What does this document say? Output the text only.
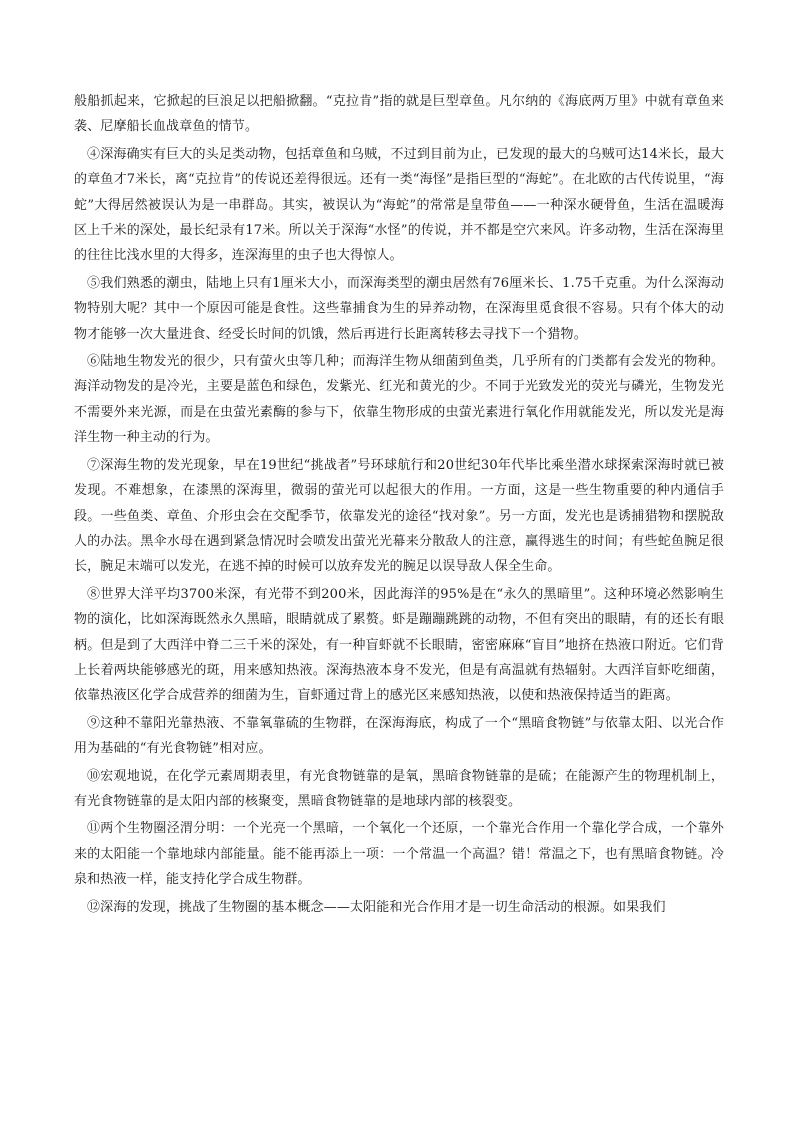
般船抓起来，它掀起的巨浪足以把船掀翻。“克拉肯”指的就是巨型章鱼。凡尔纳的《海底两万里》中就有章鱼来袭、尼摩船长血战章鱼的情节。

④深海确实有巨大的头足类动物，包括章鱼和乌贼，不过到目前为止，已发现的最大的乌贼可达14米长，最大的章鱼才7米长，离“克拉肯”的传说还差得很远。还有一类“海怪”是指巨型的“海蛇”。在北欧的古代传说里，“海蛇”大得居然被误认为是一串群岛。其实，被误认为“海蛇”的常常是皇带鱼——一种深水硬骨鱼，生活在温暖海区上千米的深处，最长纪录有17米。所以关于深海“水怪”的传说，并不都是空穴来风。许多动物，生活在深海里的往往比浅水里的大得多，连深海里的虫子也大得惊人。

⑤我们熟悉的潮虫，陆地上只有1厘米大小，而深海类型的潮虫居然有76厘米长、1.75千克重。为什么深海动物特别大呢？其中一个原因可能是食性。这些靠捕食为生的异养动物，在深海里觅食很不容易。只有个体大的动物才能够一次大量进食、经受长时间的饥饿，然后再进行长距离转移去寻找下一个猎物。

⑥陆地生物发光的很少，只有萤火虫等几种；而海洋生物从细菌到鱼类，几乎所有的门类都有会发光的物种。海洋动物发的是冷光，主要是蓝色和绿色，发紫光、红光和黄光的少。不同于光致发光的荧光与磷光，生物发光不需要外来光源，而是在虫萤光素酶的参与下，依靠生物形成的虫萤光素进行氧化作用就能发光，所以发光是海洋生物一种主动的行为。

⑦深海生物的发光现象，早在19世纪“挑战者”号环球航行和20世纪30年代毕比乘坐潜水球探索深海时就已被发现。不难想象，在漆黑的深海里，微弱的萤光可以起很大的作用。一方面，这是一些生物重要的种内通信手段。一些鱼类、章鱼、介形虫会在交配季节，依靠发光的途径“找对象”。另一方面，发光也是诱捕猎物和摆脱敌人的办法。黑伞水母在遇到紧急情况时会喷发出萤光光幕来分散敌人的注意，赢得逃生的时间；有些蛇鱼腕足很长，腕足末端可以发光，在逃不掉的时候可以放弃发光的腕足以误导敌人保全生命。

⑧世界大洋平均3700米深，有光带不到200米，因此海洋的95%是在“永久的黑暗里”。这种环境必然影响生物的演化，比如深海既然永久黑暗，眼睛就成了累赘。虾是蹦蹦跳跳的动物，不但有突出的眼睛，有的还长有眼柄。但是到了大西洋中脊二三千米的深处，有一种盲虾就不长眼睛，密密麻麻“盲目”地挤在热液口附近。它们背上长着两块能够感光的斑，用来感知热液。深海热液本身不发光，但是有高温就有热辐射。大西洋盲虾吃细菌，依靠热液区化学合成营养的细菌为生，盲虾通过背上的感光区来感知热液，以使和热液保持适当的距离。

⑨这种不靠阳光靠热液、不靠氧靠硫的生物群，在深海海底，构成了一个“黑暗食物链”与依靠太阳、以光合作用为基础的“有光食物链”相对应。

⑩宏观地说，在化学元素周期表里，有光食物链靠的是氧，黑暗食物链靠的是硫；在能源产生的物理机制上，有光食物链靠的是太阳内部的核聚变，黑暗食物链靠的是地球内部的核裂变。

⑪两个生物圈泾渭分明：一个光亮一个黑暗，一个氧化一个还原，一个靠光合作用一个靠化学合成，一个靠外来的太阳能一个靠地球内部能量。能不能再添上一项：一个常温一个高温？错！常温之下，也有黑暗食物链。冷泉和热液一样，能支持化学合成生物群。

⑫深海的发现，挑战了生物圈的基本概念——太阳能和光合作用才是一切生命活动的根源。如果我们
